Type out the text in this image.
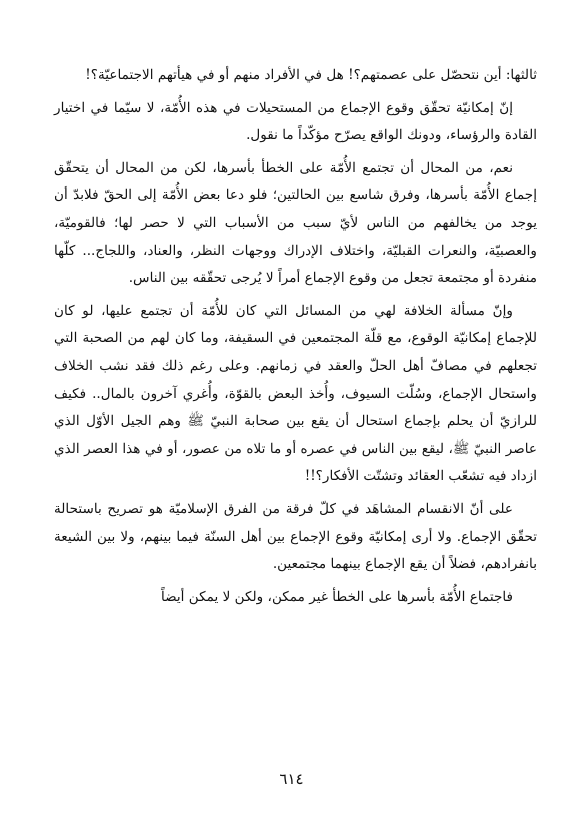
ثالثها: أين نتحصّل على عصمتهم؟! هل في الأفراد منهم أو في هيأتهم الاجتماعيّة؟!

إنّ إمكانيّة تحقّق وقوع الإجماع من المستحيلات في هذه الأُمّة، لا سيّما في اختيار القادة والرؤساء، ودونك الواقع يصرّح مؤكّداً ما نقول.

نعم، من المحال أن تجتمع الأُمّة على الخطأ بأسرها، لكن من المحال أن يتحقّق إجماع الأُمّة بأسرها، وفرق شاسع بين الحالتين؛ فلو دعا بعض الأُمّة إلى الحقّ فلابدّ أن يوجد من يخالفهم من الناس لأيّ سبب من الأسباب التي لا حصر لها؛ فالقوميّة، والعصبيّة، والنعرات القبليّة، واختلاف الإدراك ووجهات النظر، والعناد، واللجاج... كلّها منفردة أو مجتمعة تجعل من وقوع الإجماع أمراً لا يُرجى تحقّقه بين الناس.

وإنّ مسألة الخلافة لهي من المسائل التي كان للأُمّة أن تجتمع عليها، لو كان للإجماع إمكانيّة الوقوع، مع قلّة المجتمعين في السقيفة، وما كان لهم من الصحبة التي تجعلهم في مصافّ أهل الحلّ والعقد في زمانهم. وعلى رغم ذلك فقد نشب الخلاف واستحال الإجماع، وسُلّت السيوف، وأُخذ البعض بالقوّة، وأُغري آخرون بالمال.. فكيف للرازيّ أن يحلم بإجماع استحال أن يقع بين صحابة النبيّ ﷺ وهم الجيل الأوّل الذي عاصر النبيّ ﷺ، ليقع بين الناس في عصره أو ما تلاه من عصور، أو في هذا العصر الذي ازداد فيه تشعّب العقائد وتشتّت الأفكار؟!!

على أنّ الانقسام المشاهَد في كلّ فرقة من الفرق الإسلاميّة هو تصريح باستحالة تحقّق الإجماع. ولا أرى إمكانيّة وقوع الإجماع بين أهل السنّة فيما بينهم، ولا بين الشيعة بانفرادهم، فضلاً أن يقع الإجماع بينهما مجتمعين.

فاجتماع الأُمّة بأسرها على الخطأ غير ممكن، ولكن لا يمكن أيضاً

٦١٤
